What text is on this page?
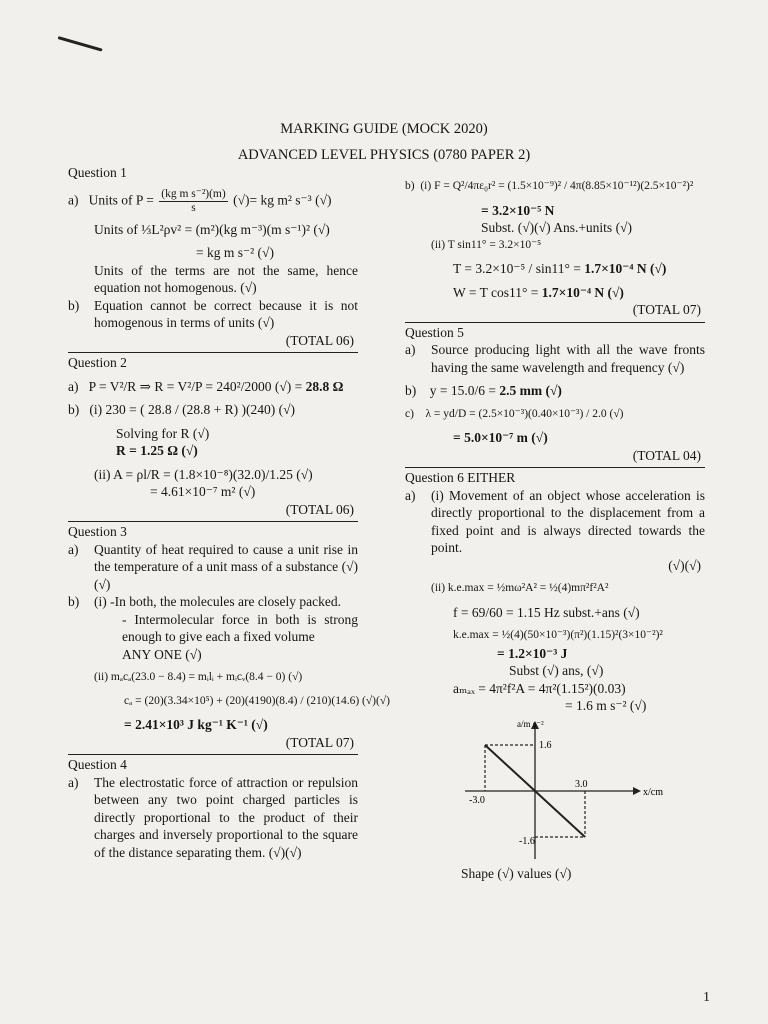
MARKING GUIDE (MOCK 2020)
ADVANCED LEVEL PHYSICS (0780 PAPER 2)
Question 1
a) Units of $P = \frac{\text{(kg m s⁻²)(m)}}{s}$ (√)= kg m² s⁻³ (√)
Units of ⅓L²ρv² = (m²)(kg m⁻³)(m s⁻¹)² (√)
= kg m s⁻² (√)
Units of the terms are not the same, hence equation not homogenous. (√)
b)	Equation cannot be correct because it is not homogenous in terms of units (√)
(TOTAL 06)
Question 2
a) P = V²/R ⇒ R = V²/P = 240²/2000 (√) = 28.8 Ω
b) (i) 230 = ( 28.8 / (28.8 + R) )(240) (√)
Solving for R (√)
R = 1.25 Ω (√)
(ii) A = ρl/R = (1.8×10⁻⁸)(32.0)/1.25 (√)
= 4.61×10⁻⁷ m² (√)
(TOTAL 06)
Question 3
a)	Quantity of heat required to cause a unit rise in the temperature of a unit mass of a substance (√)(√)
b)	(i) -In both, the molecules are closely packed.
- Intermolecular force in both is strong enough to give each a fixed volume
ANY ONE (√)
(ii) mₐcₐ(23.0 − 8.4) = mᵢlᵢ + mᵢcᵥ(8.4 − 0) (√)
cₐ = (20)(3.34×10⁵) + (20)(4190)(8.4) / (210)(14.6) (√)(√)
= 2.41×10³ J kg⁻¹ K⁻¹ (√)
(TOTAL 07)
Question 4
a)	The electrostatic force of attraction or repulsion between any two point charged particles is directly proportional to the product of their charges and inversely proportional to the square of the distance separating them. (√)(√)
b) (i) F = Q²/4πε₀r² = (1.5×10⁻⁹)² / 4π(8.85×10⁻¹²)(2.5×10⁻²)²
= 3.2×10⁻⁵ N
Subst. (√)(√) Ans.+units (√)
(ii) T sin11° = 3.2×10⁻⁵
T = 3.2×10⁻⁵ / sin11° = 1.7×10⁻⁴ N (√)
W = T cos11° = 1.7×10⁻⁴ N (√)
(TOTAL 07)
Question 5
a)	Source producing light with all the wave fronts having the same wavelength and frequency (√)
b) y = 15.0/6 = 2.5 mm (√)
c) λ = yd/D = (2.5×10⁻³)(0.40×10⁻³) / 2.0 (√)
= 5.0×10⁻⁷ m (√)
(TOTAL 04)
Question 6 EITHER
a)	(i) Movement of an object whose acceleration is directly proportional to the displacement from a fixed point and is always directed towards the point.
(√)(√)
(ii) k.e.max = ½mω²A² = ½(4)mπ²f²A²
f = 69/60 = 1.15 Hz subst.+ans (√)
k.e.max = ½(4)(50×10⁻³)(π²)(1.15)²(3×10⁻²)²
= 1.2×10⁻³ J
Subst (√) ans, (√)
aₘₐₓ = 4π²f²A = 4π²(1.15²)(0.03)
= 1.6 m s⁻² (√)
a/m s⁻²
1.6
-1.6
3.0
-3.0
x/cm
Shape (√) values (√)
1
